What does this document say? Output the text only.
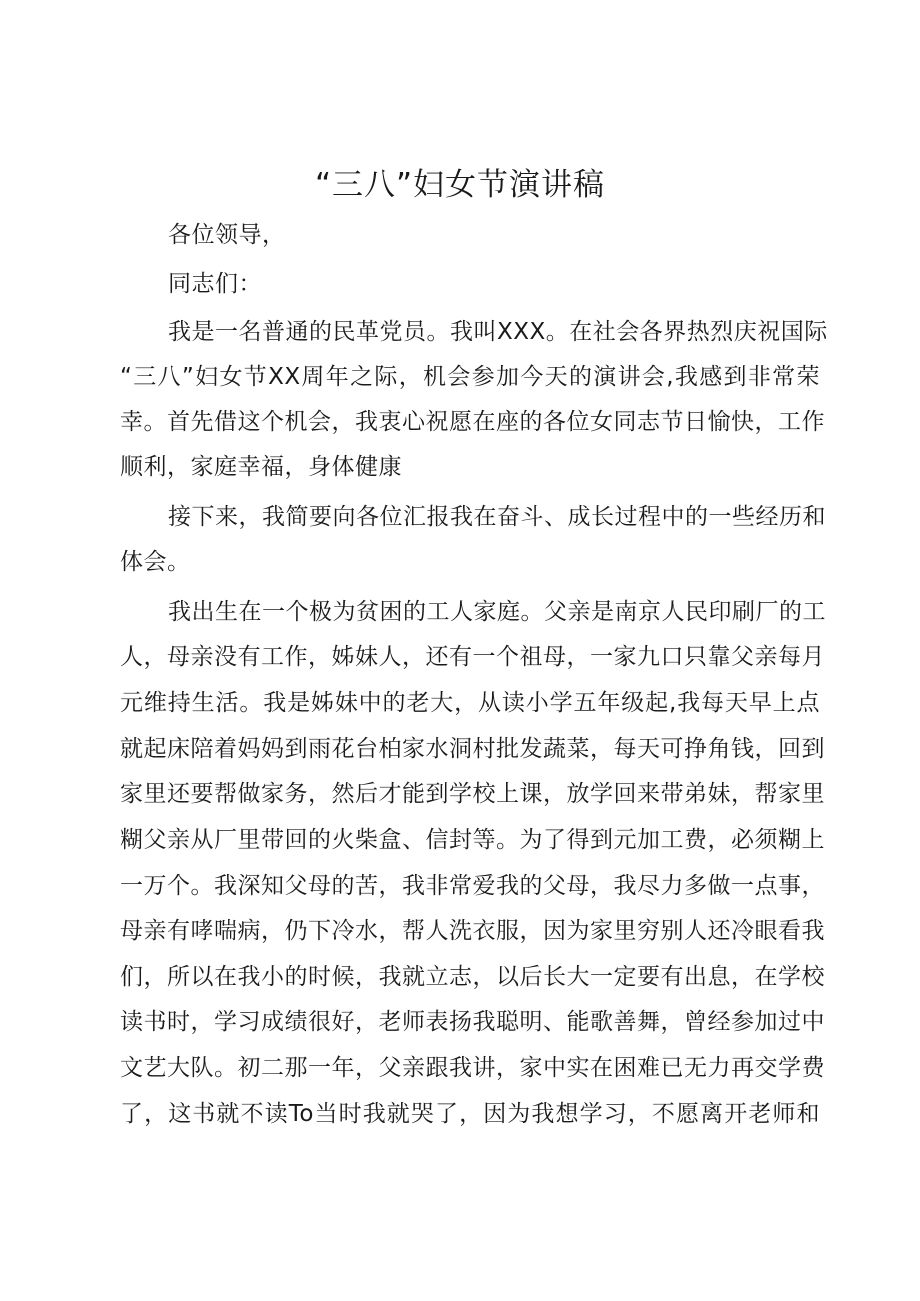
“三八”妇女节演讲稿
各位领导，
同志们：
我是一名普通的民革党员。我叫XXX。在社会各界热烈庆祝国际
“三八”妇女节XX周年之际，机会参加今天的演讲会,我感到非常荣
幸。首先借这个机会，我衷心祝愿在座的各位女同志节日愉快，工作
顺利，家庭幸福，身体健康
接下来，我简要向各位汇报我在奋斗、成长过程中的一些经历和
体会。
我出生在一个极为贫困的工人家庭。父亲是南京人民印刷厂的工
人，母亲没有工作，姊妹人，还有一个祖母，一家九口只靠父亲每月
元维持生活。我是姊妹中的老大，从读小学五年级起,我每天早上点
就起床陪着妈妈到雨花台柏家水洞村批发蔬菜，每天可挣角钱，回到
家里还要帮做家务，然后才能到学校上课，放学回来带弟妹，帮家里
糊父亲从厂里带回的火柴盒、信封等。为了得到元加工费，必须糊上
一万个。我深知父母的苦，我非常爱我的父母，我尽力多做一点事，
母亲有哮喘病，仍下冷水，帮人洗衣服，因为家里穷别人还冷眼看我
们，所以在我小的时候，我就立志，以后长大一定要有出息，在学校
读书时，学习成绩很好，老师表扬我聪明、能歌善舞，曾经参加过中
文艺大队。初二那一年，父亲跟我讲，家中实在困难已无力再交学费
了，这书就不读To当时我就哭了，因为我想学习，不愿离开老师和
